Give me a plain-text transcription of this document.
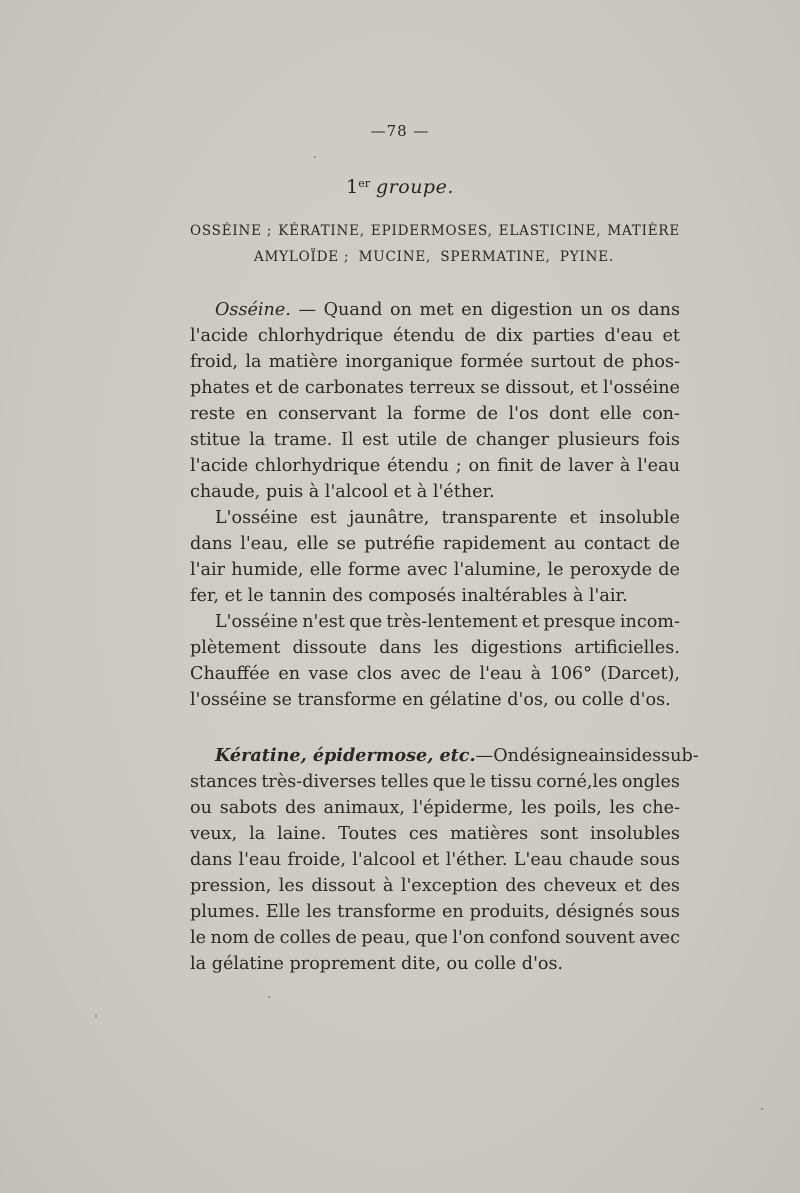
—78 —
1er groupe.
OSSÉINE ; KÉRATINE, EPIDERMOSES, ELASTICINE, MATIÈRE
AMYLOÏDE ; MUCINE, SPERMATINE, PYINE.
Osséine. — Quand on met en digestion un os dans
l'acide chlorhydrique étendu de dix parties d'eau et
froid, la matière inorganique formée surtout de phos-
phates et de carbonates terreux se dissout, et l'osséine
reste en conservant la forme de l'os dont elle con-
stitue la trame. Il est utile de changer plusieurs fois
l'acide chlorhydrique étendu ; on finit de laver à l'eau
chaude, puis à l'alcool et à l'éther.
L'osséine est jaunâtre, transparente et insoluble
dans l'eau, elle se putréfie rapidement au contact de
l'air humide, elle forme avec l'alumine, le peroxyde de
fer, et le tannin des composés inaltérables à l'air.
L'osséine n'est que très-lentement et presque incom-
plètement dissoute dans les digestions artificielles.
Chauffée en vase clos avec de l'eau à 106° (Darcet),
l'osséine se transforme en gélatine d'os, ou colle d'os.
Kératine, épidermose, etc. —On désigne ainsi des sub-
stances très-diverses telles que le tissu corné,les ongles
ou sabots des animaux, l'épiderme, les poils, les che-
veux, la laine. Toutes ces matières sont insolubles
dans l'eau froide, l'alcool et l'éther. L'eau chaude sous
pression, les dissout à l'exception des cheveux et des
plumes. Elle les transforme en produits, désignés sous
le nom de colles de peau, que l'on confond souvent avec
la gélatine proprement dite, ou colle d'os.
